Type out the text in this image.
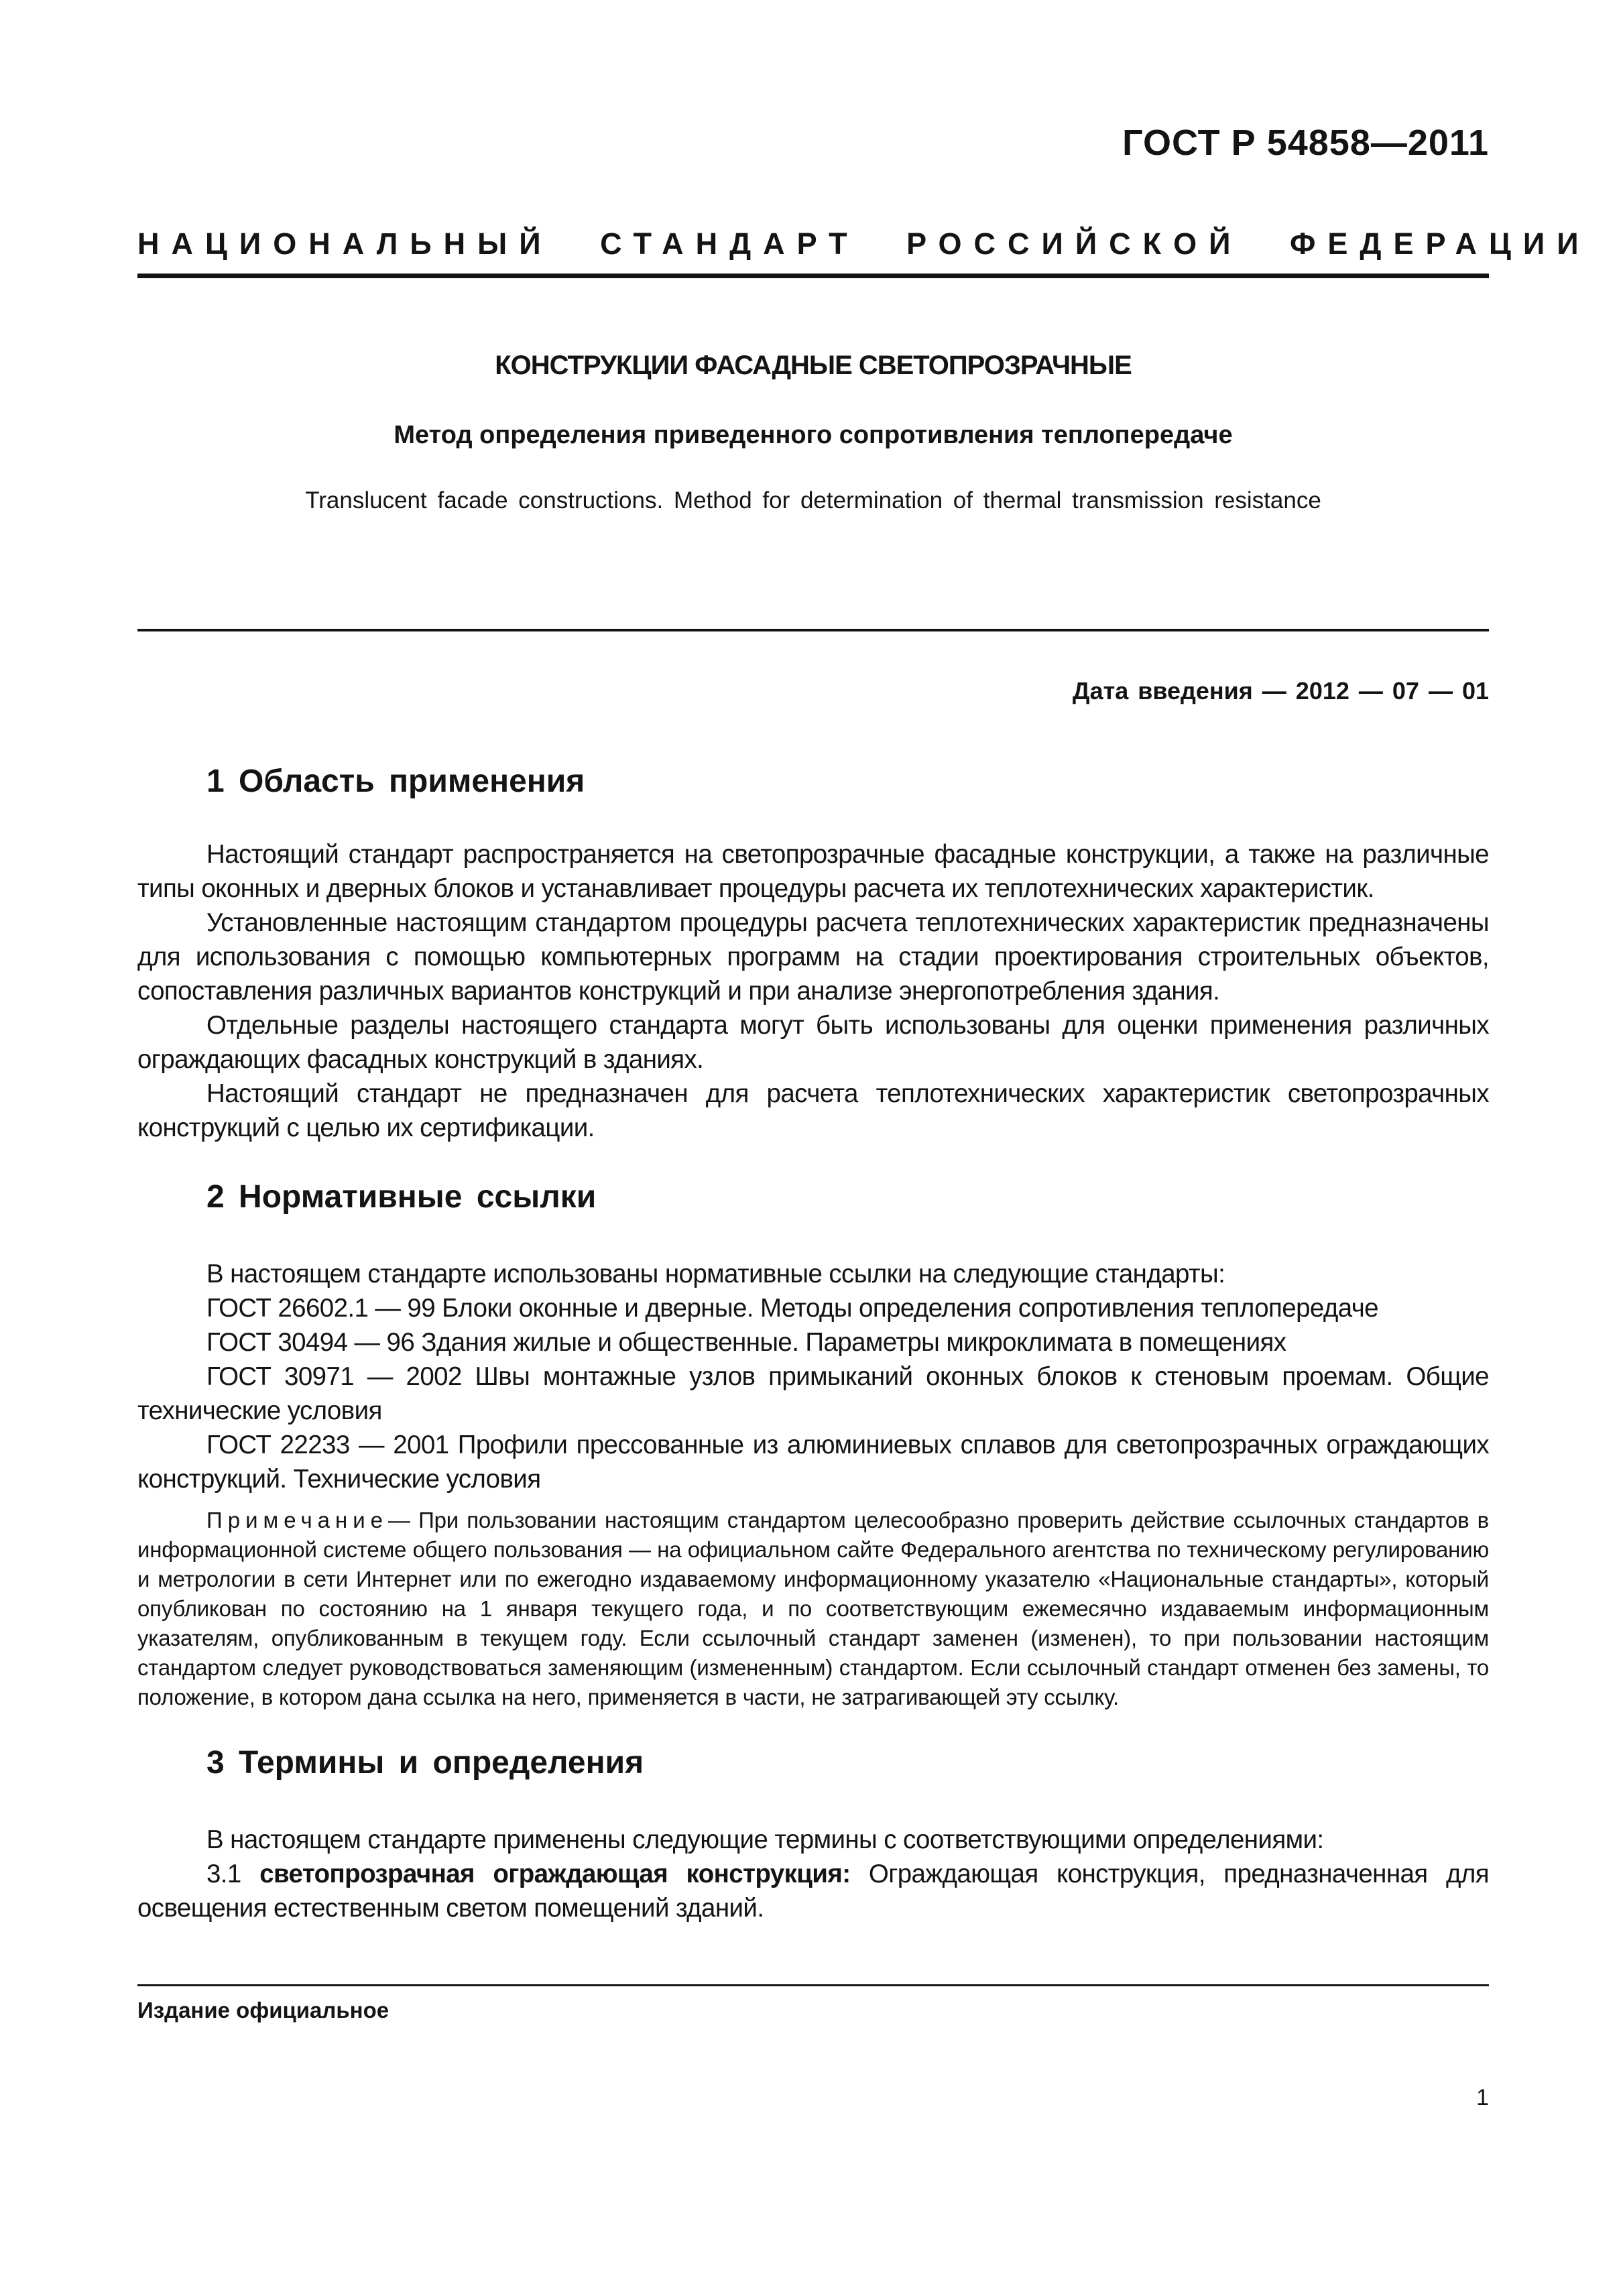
ГОСТ Р 54858—2011
НАЦИОНАЛЬНЫЙ СТАНДАРТ РОССИЙСКОЙ ФЕДЕРАЦИИ
КОНСТРУКЦИИ ФАСАДНЫЕ СВЕТОПРОЗРАЧНЫЕ
Метод определения приведенного сопротивления теплопередаче
Translucent facade constructions. Method for determination of thermal transmission resistance
Дата введения — 2012 — 07 — 01
1 Область применения

Настоящий стандарт распространяется на светопрозрачные фасадные конструкции, а также на различные типы оконных и дверных блоков и устанавливает процедуры расчета их теплотехнических характеристик.

Установленные настоящим стандартом процедуры расчета теплотехнических характеристик предназначены для использования с помощью компьютерных программ на стадии проектирования строительных объектов, сопоставления различных вариантов конструкций и при анализе энергопотребления здания.

Отдельные разделы настоящего стандарта могут быть использованы для оценки применения различных ограждающих фасадных конструкций в зданиях.

Настоящий стандарт не предназначен для расчета теплотехнических характеристик светопрозрачных конструкций с целью их сертификации.

2 Нормативные ссылки

В настоящем стандарте использованы нормативные ссылки на следующие стандарты:

ГОСТ 26602.1 — 99 Блоки оконные и дверные. Методы определения сопротивления теплопередаче

ГОСТ 30494 — 96 Здания жилые и общественные. Параметры микроклимата в помещениях

ГОСТ 30971 — 2002 Швы монтажные узлов примыканий оконных блоков к стеновым проемам. Общие технические условия

ГОСТ 22233 — 2001 Профили прессованные из алюминиевых сплавов для светопрозрачных ограждающих конструкций. Технические условия

Примечание— При пользовании настоящим стандартом целесообразно проверить действие ссылочных стандартов в информационной системе общего пользования — на официальном сайте Федерального агентства по техническому регулированию и метрологии в сети Интернет или по ежегодно издаваемому информационному указателю «Национальные стандарты», который опубликован по состоянию на 1 января текущего года, и по соответствующим ежемесячно издаваемым информационным указателям, опубликованным в текущем году. Если ссылочный стандарт заменен (изменен), то при пользовании настоящим стандартом следует руководствоваться заменяющим (измененным) стандартом. Если ссылочный стандарт отменен без замены, то положение, в котором дана ссылка на него, применяется в части, не затрагивающей эту ссылку.

3 Термины и определения

В настоящем стандарте применены следующие термины с соответствующими определениями:

3.1 светопрозрачная ограждающая конструкция: Ограждающая конструкция, предназначенная для освещения естественным светом помещений зданий.

Издание официальное
1
